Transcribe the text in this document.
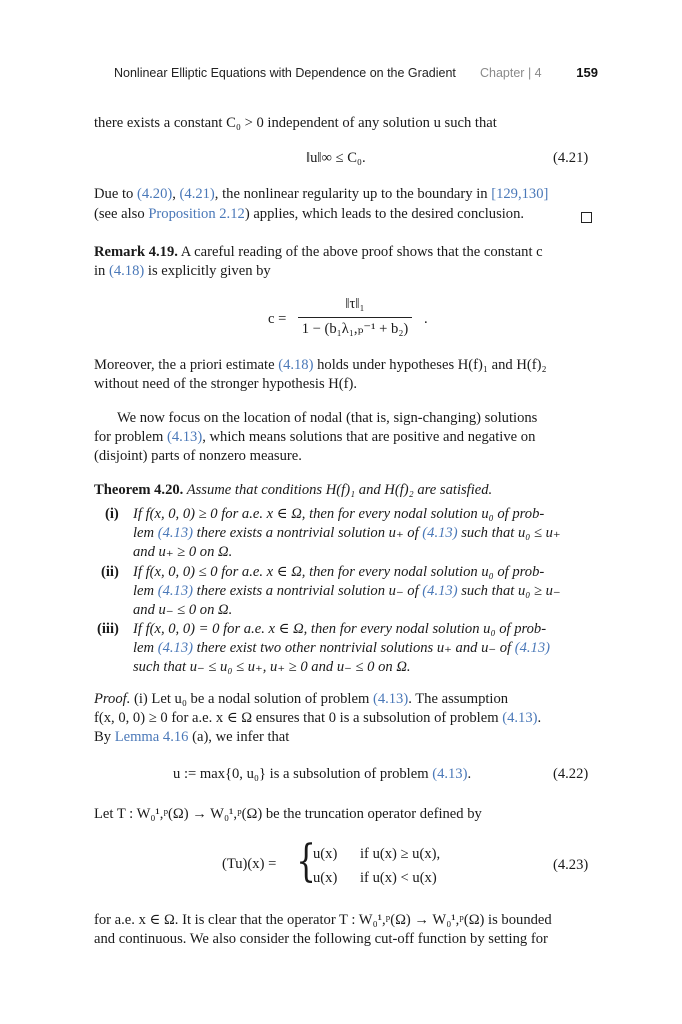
Nonlinear Elliptic Equations with Dependence on the Gradient Chapter | 4	159
there exists a constant C₀ > 0 independent of any solution u such that
‖u‖∞ ≤ C₀.	(4.21)
Due to (4.20), (4.21), the nonlinear regularity up to the boundary in [129,130]
(see also Proposition 2.12) applies, which leads to the desired conclusion.
Remark 4.19. A careful reading of the above proof shows that the constant c
in (4.18) is explicitly given by
c =
‖τ‖₁
1 − (b₁λ₁,ₚ⁻¹ + b₂)
.
Moreover, the a priori estimate (4.18) holds under hypotheses H(f)₁ and H(f)₂
without need of the stronger hypothesis H(f).
We now focus on the location of nodal (that is, sign-changing) solutions
for problem (4.13), which means solutions that are positive and negative on
(disjoint) parts of nonzero measure.
Theorem 4.20. Assume that conditions H(f)₁ and H(f)₂ are satisfied.
(i) If f(x, 0, 0) ≥ 0 for a.e. x ∈ Ω, then for every nodal solution u₀ of prob-
lem (4.13) there exists a nontrivial solution u₊ of (4.13) such that u₀ ≤ u₊
and u₊ ≥ 0 on Ω.
(ii) If f(x, 0, 0) ≤ 0 for a.e. x ∈ Ω, then for every nodal solution u₀ of prob-
lem (4.13) there exists a nontrivial solution u₋ of (4.13) such that u₀ ≥ u₋
and u₋ ≤ 0 on Ω.
(iii) If f(x, 0, 0) = 0 for a.e. x ∈ Ω, then for every nodal solution u₀ of prob-
lem (4.13) there exist two other nontrivial solutions u₊ and u₋ of (4.13)
such that u₋ ≤ u₀ ≤ u₊, u₊ ≥ 0 and u₋ ≤ 0 on Ω.
Proof. (i) Let u₀ be a nodal solution of problem (4.13). The assumption
f(x, 0, 0) ≥ 0 for a.e. x ∈ Ω ensures that 0 is a subsolution of problem (4.13).
By Lemma 4.16 (a), we infer that
u := max{0, u₀} is a subsolution of problem (4.13).	(4.22)
Let T : W₀¹,ᵖ(Ω) → W₀¹,ᵖ(Ω) be the truncation operator defined by
(Tu)(x) = {
u(x) if u(x) ≥ u(x),
u(x) if u(x) < u(x)
(4.23)
for a.e. x ∈ Ω. It is clear that the operator T : W₀¹,ᵖ(Ω) → W₀¹,ᵖ(Ω) is bounded
and continuous. We also consider the following cut-off function by setting for
